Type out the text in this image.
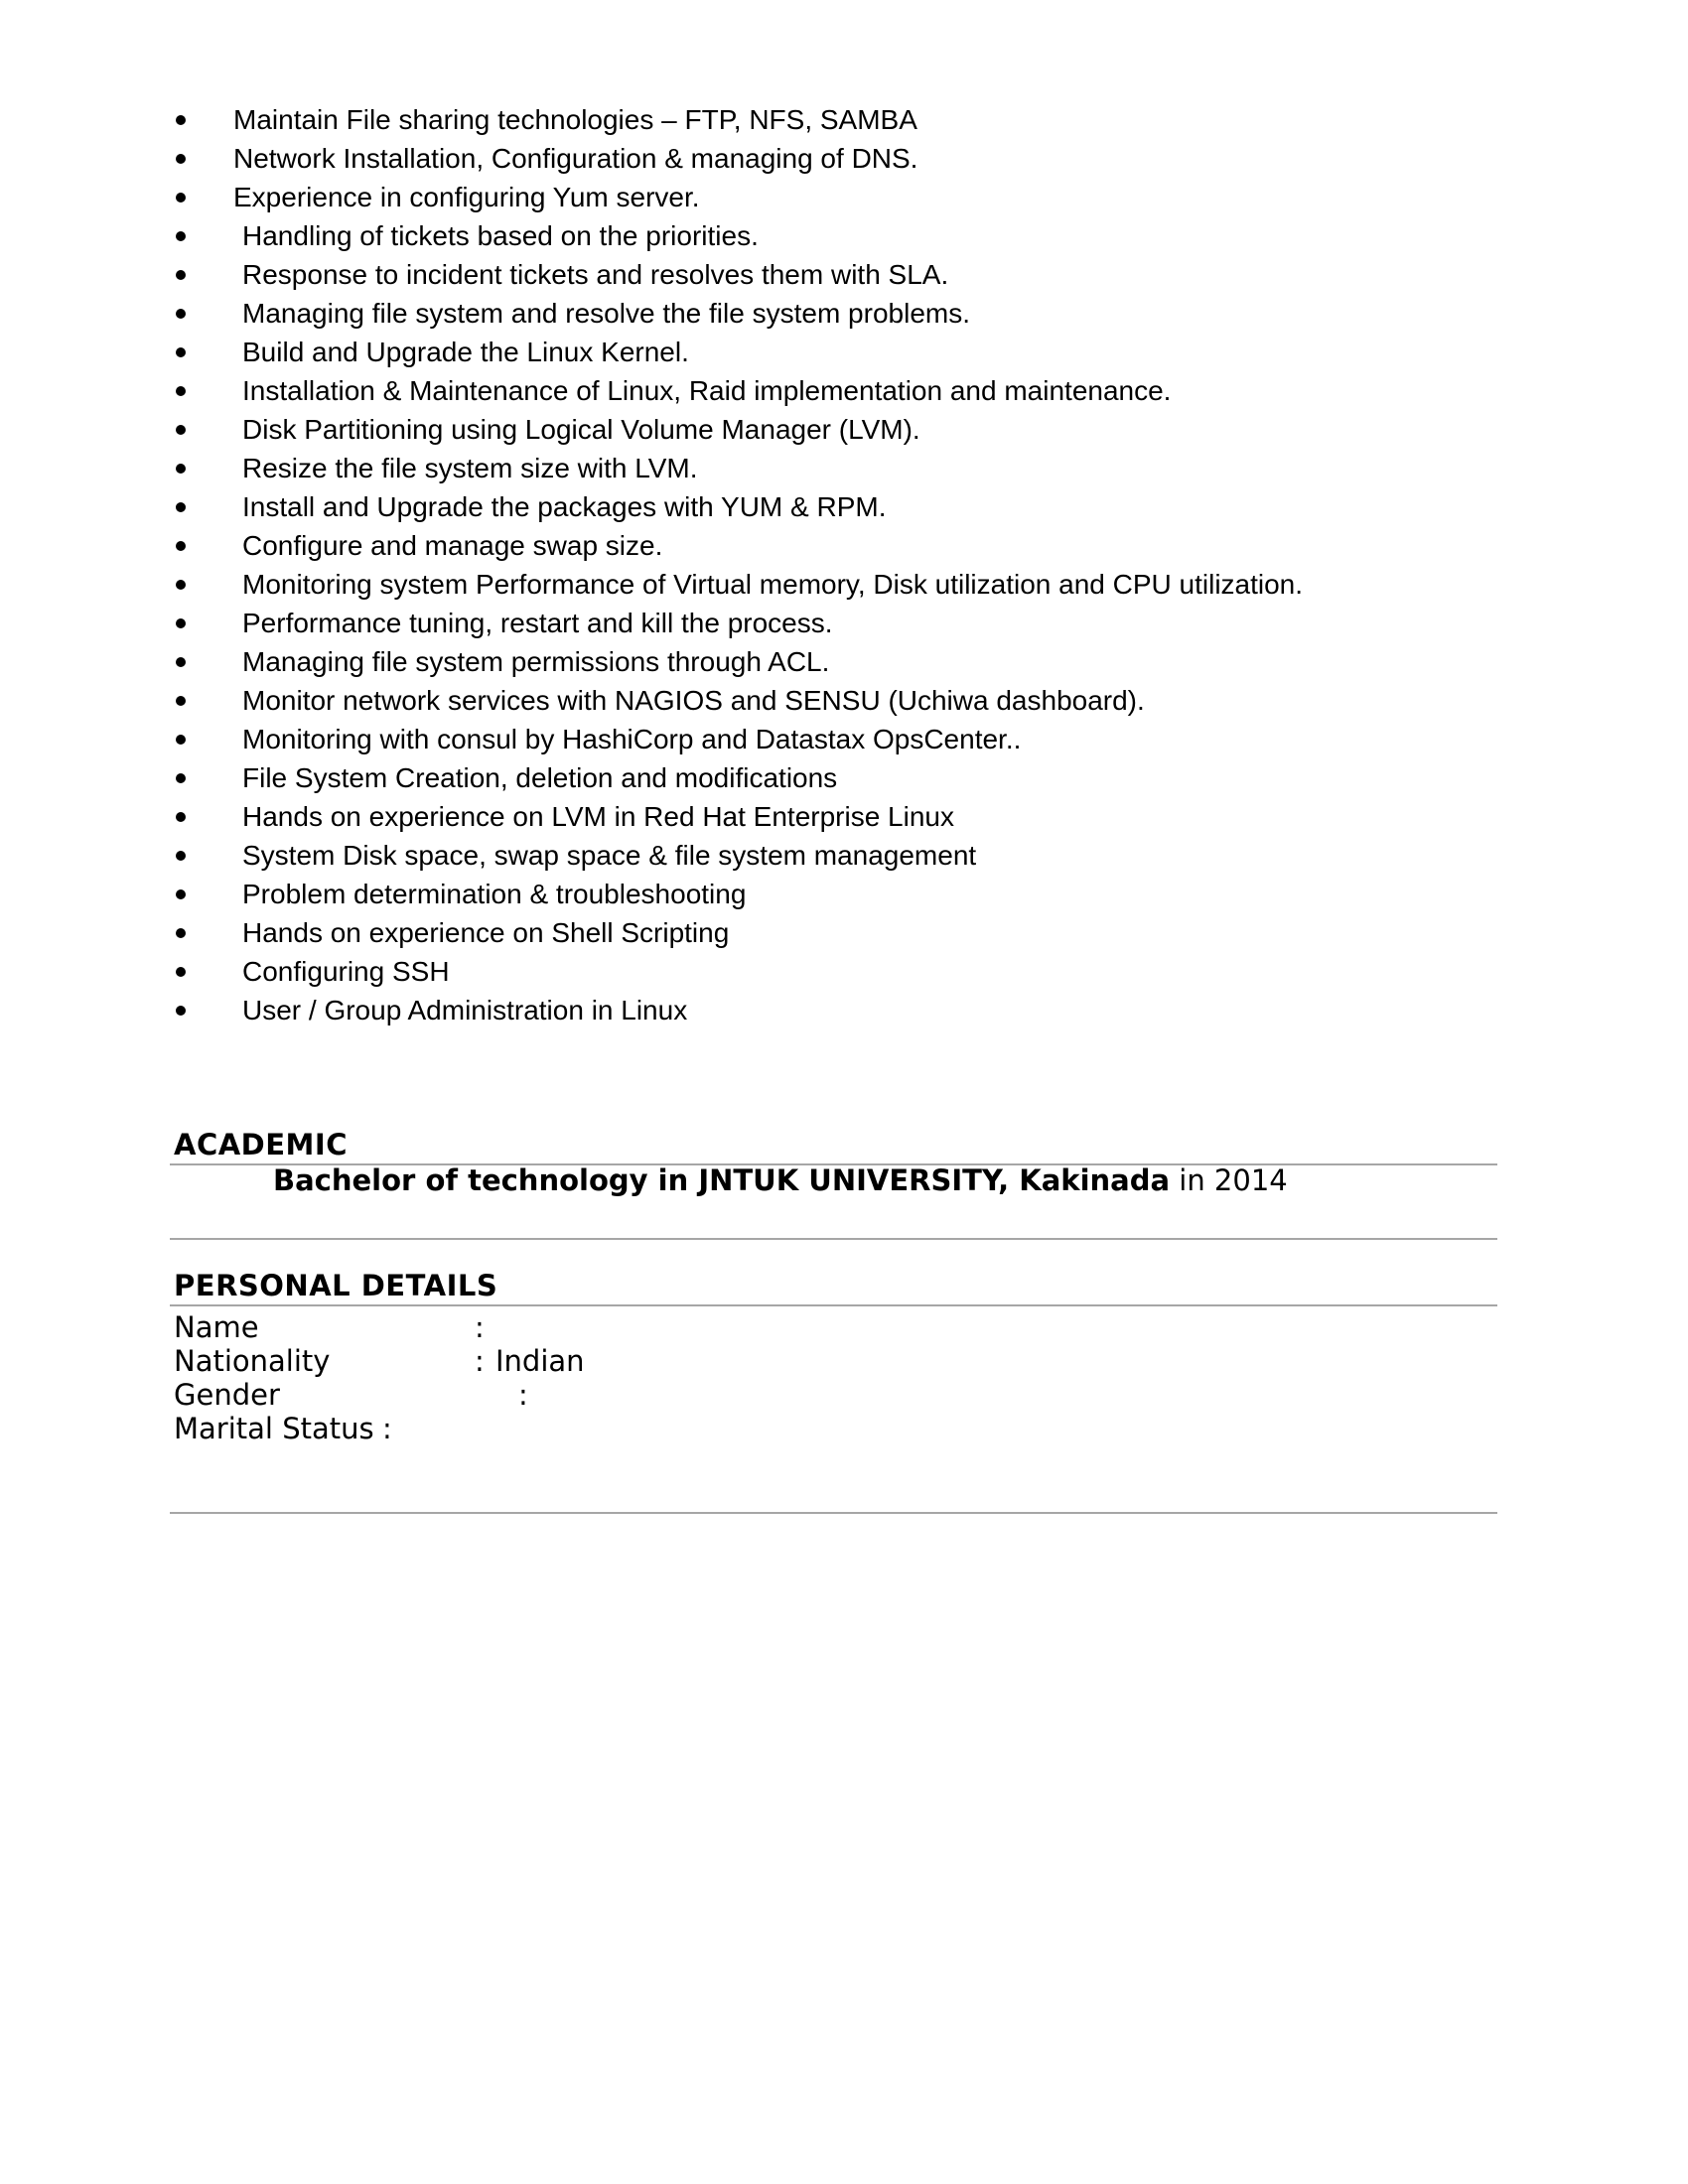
Maintain File sharing technologies – FTP, NFS, SAMBA
Network Installation, Configuration & managing of DNS.
Experience in configuring Yum server.
Handling of tickets based on the priorities.
Response to incident tickets and resolves them with SLA.
Managing file system and resolve the file system problems.
Build and Upgrade the Linux Kernel.
Installation & Maintenance of Linux, Raid implementation and maintenance.
Disk Partitioning using Logical Volume Manager (LVM).
Resize the file system size with LVM.
Install and Upgrade the packages with YUM & RPM.
Configure and manage swap size.
Monitoring system Performance of Virtual memory, Disk utilization and CPU utilization.
Performance tuning, restart and kill the process.
Managing file system permissions through ACL.
Monitor network services with NAGIOS and SENSU (Uchiwa dashboard).
Monitoring with consul by HashiCorp and Datastax OpsCenter..
File System Creation, deletion and modifications
Hands on experience on LVM in Red Hat Enterprise Linux
System Disk space, swap space & file system management
Problem determination & troubleshooting
Hands on experience on Shell Scripting
Configuring SSH
User / Group Administration in Linux
ACADEMIC
Bachelor of technology in JNTUK UNIVERSITY, Kakinada in 2014
PERSONAL DETAILS
Name	:
Nationality	: Indian
Gender	:
Marital Status :
